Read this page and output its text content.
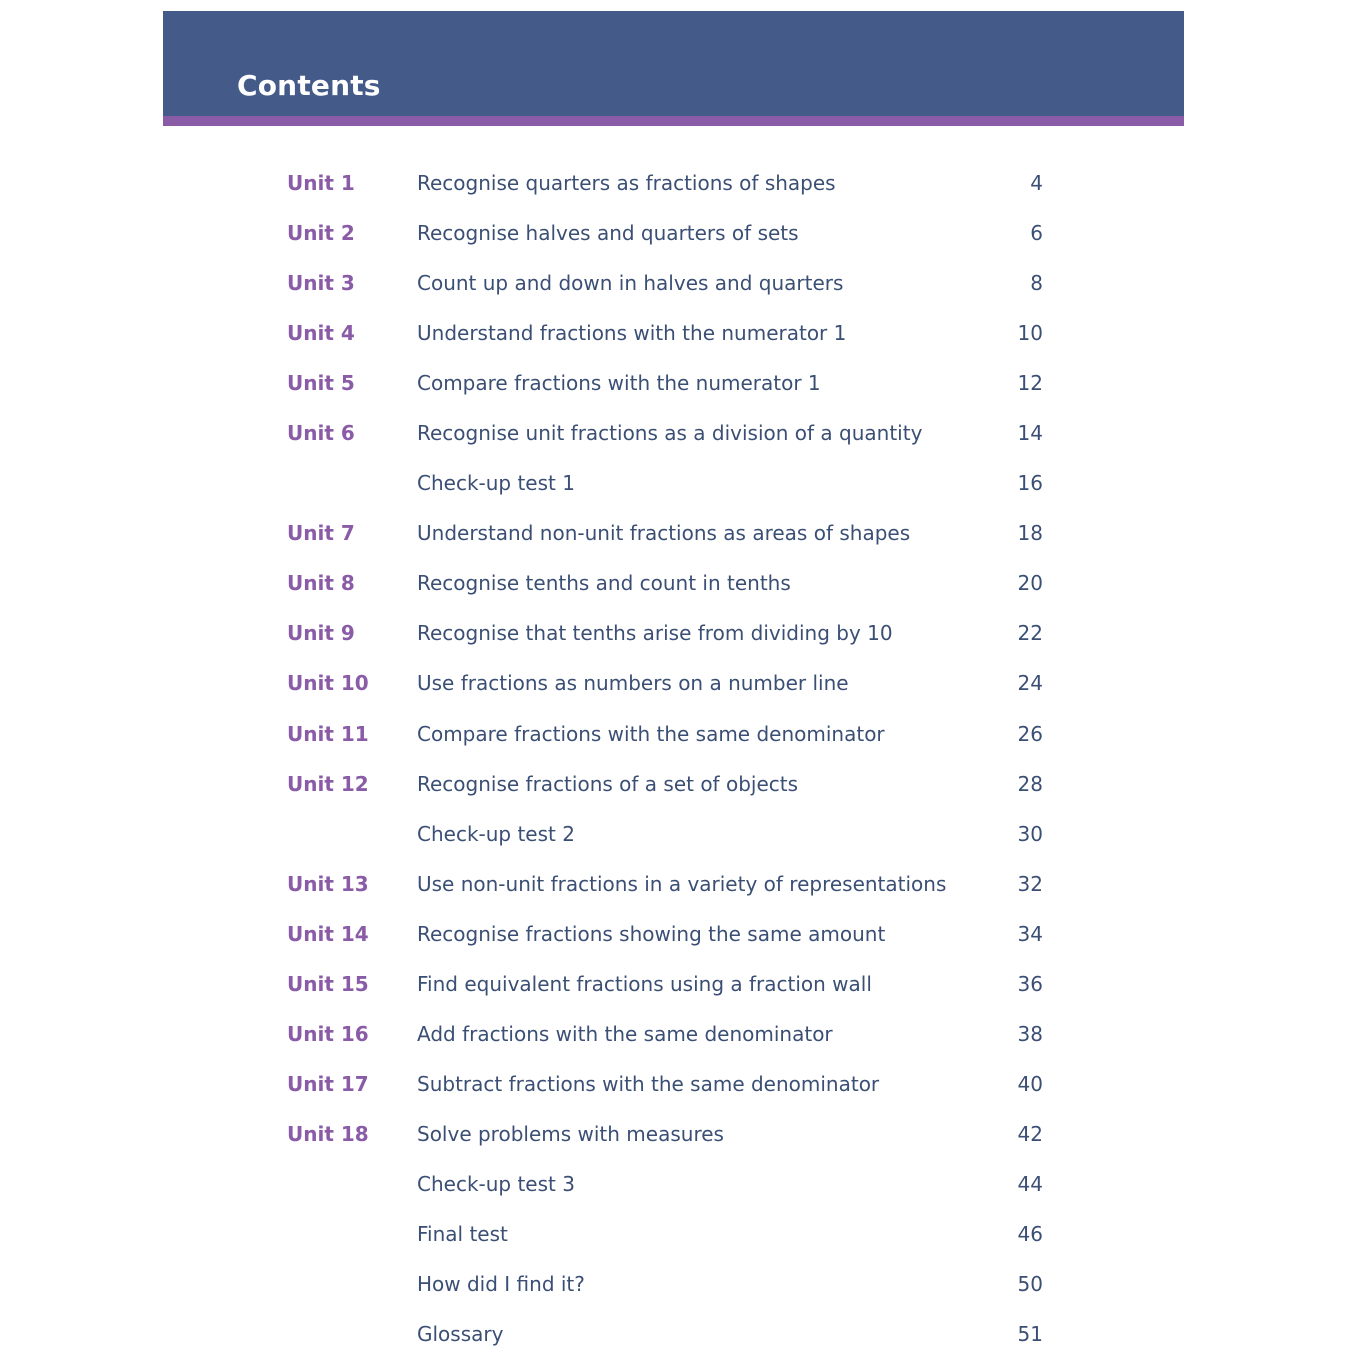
Contents
Unit 1	Recognise quarters as fractions of shapes	4
Unit 2	Recognise halves and quarters of sets	6
Unit 3	Count up and down in halves and quarters	8
Unit 4	Understand fractions with the numerator 1	10
Unit 5	Compare fractions with the numerator 1	12
Unit 6	Recognise unit fractions as a division of a quantity	14
Check-up test 1	16
Unit 7	Understand non-unit fractions as areas of shapes	18
Unit 8	Recognise tenths and count in tenths	20
Unit 9	Recognise that tenths arise from dividing by 10	22
Unit 10	Use fractions as numbers on a number line	24
Unit 11	Compare fractions with the same denominator	26
Unit 12	Recognise fractions of a set of objects	28
Check-up test 2	30
Unit 13	Use non-unit fractions in a variety of representations	32
Unit 14	Recognise fractions showing the same amount	34
Unit 15	Find equivalent fractions using a fraction wall	36
Unit 16	Add fractions with the same denominator	38
Unit 17	Subtract fractions with the same denominator	40
Unit 18	Solve problems with measures	42
Check-up test 3	44
Final test	46
How did I find it?	50
Glossary	51
